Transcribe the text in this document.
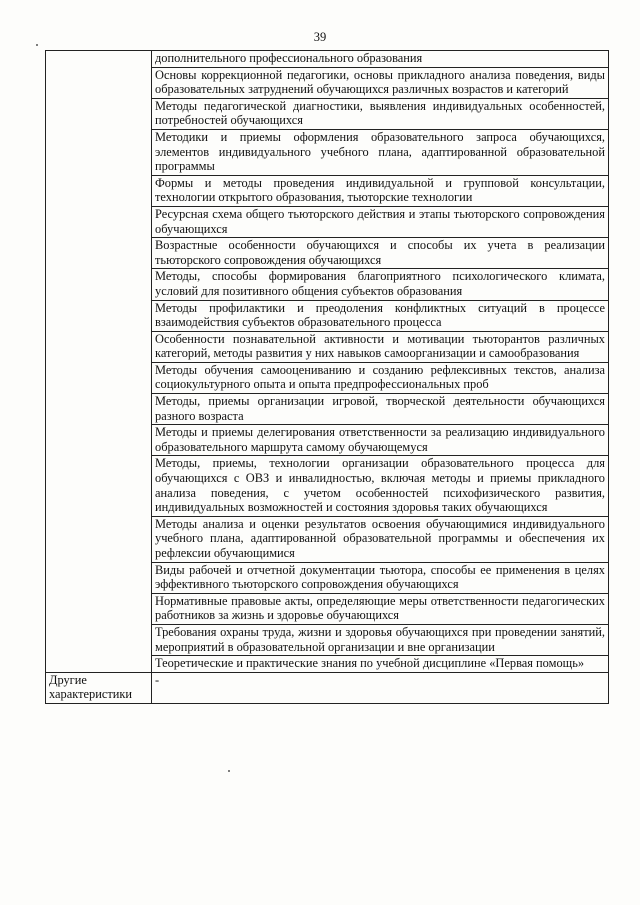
39
	дополнительного профессионального образования
	Основы коррекционной педагогики, основы прикладного анализа поведения, виды образовательных затруднений обучающихся различных возрастов и категорий
	Методы педагогической диагностики, выявления индивидуальных особенностей, потребностей обучающихся
	Методики и приемы оформления образовательного запроса обучающихся, элементов индивидуального учебного плана, адаптированной образовательной программы
	Формы и методы проведения индивидуальной и групповой консультации, технологии открытого образования, тьюторские технологии
	Ресурсная схема общего тьюторского действия и этапы тьюторского сопровождения обучающихся
	Возрастные особенности обучающихся и способы их учета в реализации тьюторского сопровождения обучающихся
	Методы, способы формирования благоприятного психологического климата, условий для позитивного общения субъектов образования
	Методы профилактики и преодоления конфликтных ситуаций в процессе взаимодействия субъектов образовательного процесса
	Особенности познавательной активности и мотивации тьюторантов различных категорий, методы развития у них навыков самоорганизации и самообразования
	Методы обучения самооцениванию и созданию рефлексивных текстов, анализа социокультурного опыта и опыта предпрофессиональных проб
	Методы, приемы организации игровой, творческой деятельности обучающихся разного возраста
	Методы и приемы делегирования ответственности за реализацию индивидуального образовательного маршрута самому обучающемуся
	Методы, приемы, технологии организации образовательного процесса для обучающихся с ОВЗ и инвалидностью, включая методы и приемы прикладного анализа поведения, с учетом особенностей психофизического развития, индивидуальных возможностей и состояния здоровья таких обучающихся
	Методы анализа и оценки результатов освоения обучающимися индивидуального учебного плана, адаптированной образовательной программы и обеспечения их рефлексии обучающимися
	Виды рабочей и отчетной документации тьютора, способы ее применения в целях эффективного тьюторского сопровождения обучающихся
	Нормативные правовые акты, определяющие меры ответственности педагогических работников за жизнь и здоровье обучающихся
	Требования охраны труда, жизни и здоровья обучающихся при проведении занятий, мероприятий в образовательной организации и вне организации
	Теоретические и практические знания по учебной дисциплине «Первая помощь»
Другие характеристики	-
